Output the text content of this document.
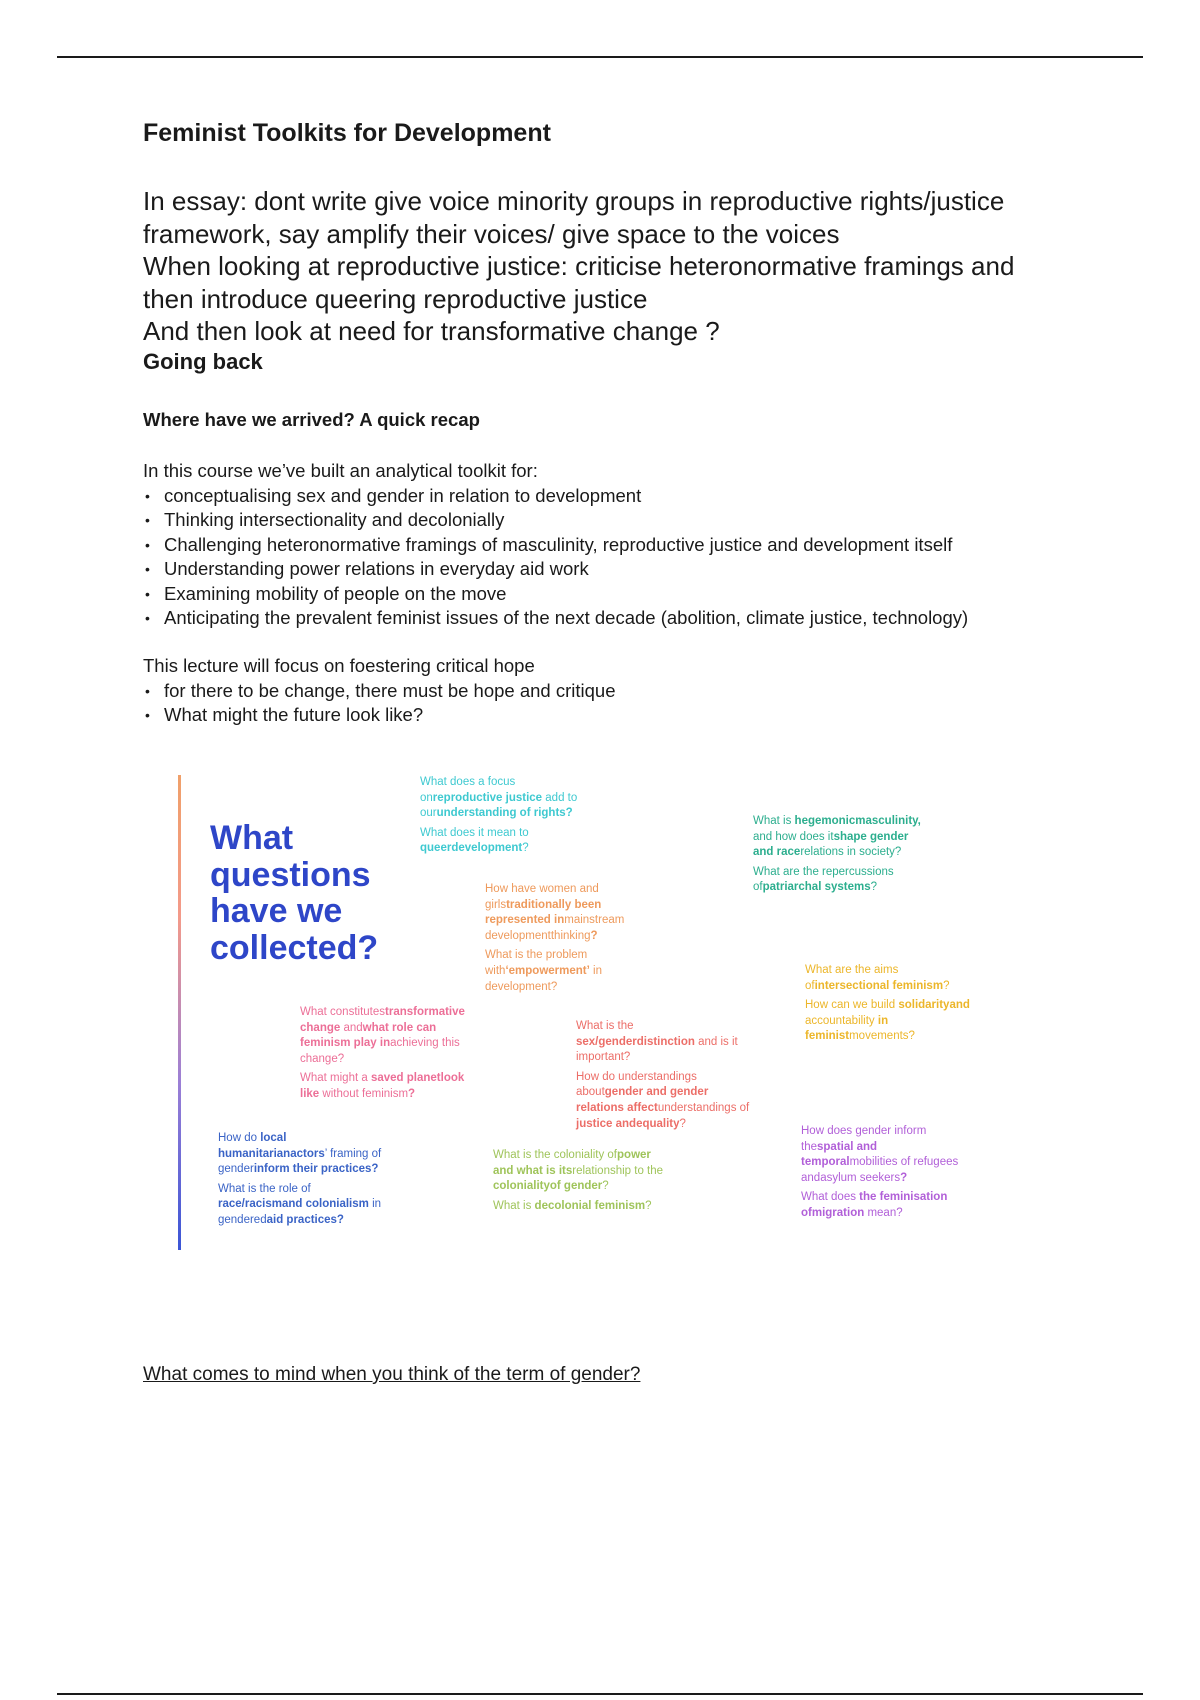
Feminist Toolkits for Development
In essay: dont write give voice minority groups in reproductive rights/justice
framework, say amplify their voices/ give space to the voices
When looking at reproductive justice: criticise heteronormative framings and
then introduce queering reproductive justice
And then look at need for transformative change ?
Going back
Where have we arrived? A quick recap
In this course we’ve built an analytical toolkit for:
• conceptualising sex and gender in relation to development
• Thinking intersectionality and decolonially
• Challenging heteronormative framings of masculinity, reproductive justice and development itself
• Understanding power relations in everyday aid work
• Examining mobility of people on the move
• Anticipating the prevalent feminist issues of the next decade (abolition, climate justice, technology)
This lecture will focus on foestering critical hope
• for there to be change, there must be hope and critique
• What might the future look like?
What
questions
have we
collected?

What does a focus onreproductive justice add to ourunderstanding of rights?

What does it mean to queerdevelopment?

What is hegemonicmasculinity, and how does itshape gender and racerelations in society?

What are the repercussions ofpatriarchal systems?

How have women and girlstraditionally been represented inmainstream developmentthinking?

What is the problem with‘empowerment’ in development?

What are the aims ofintersectional feminism?

How can we build solidarityand accountability in feministmovements?

What constitutestransformative change andwhat role can feminism play inachieving this change?

What might a saved planetlook like without feminism?

What is the sex/genderdistinction and is it important?

How do understandings aboutgender and gender relations affectunderstandings of justice andequality?

How do local humanitarianactors’ framing of genderinform their practices?

What is the role of race/racismand colonialism in genderedaid practices?

What is the coloniality ofpower and what is itsrelationship to the colonialityof gender?

What is decolonial feminism?

How does gender inform thespatial and temporalmobilities of refugees andasylum seekers?

What does the feminisation ofmigration mean?

What comes to mind when you think of the term of gender?
